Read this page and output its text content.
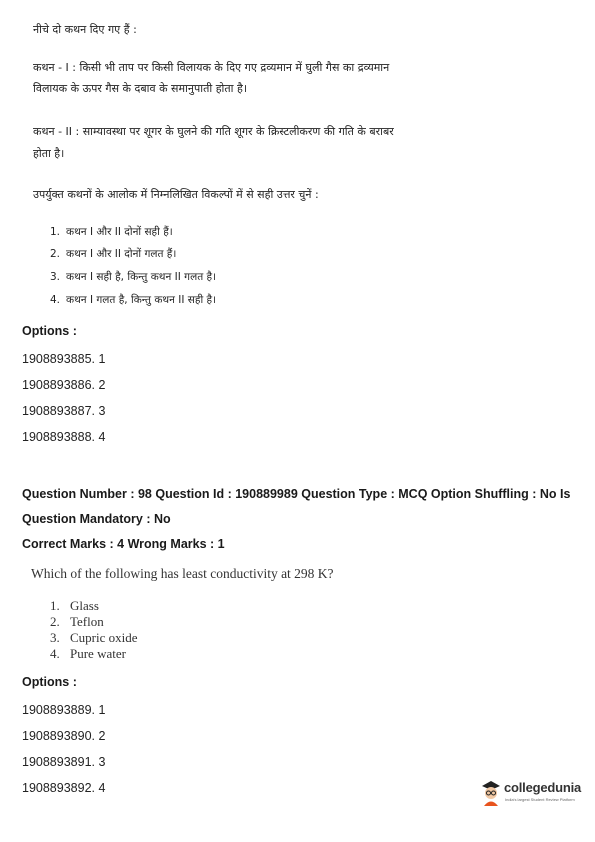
नीचे दो कथन दिए गए हैं :
कथन - I : किसी भी ताप पर किसी विलायक के दिए गए द्रव्यमान में घुली गैस का द्रव्यमान
विलायक के ऊपर गैस के दबाव के समानुपाती होता है।
कथन - II : साम्यावस्था पर शूगर के घुलने की गति शूगर के क्रिस्टलीकरण की गति के बराबर
होता है।
उपर्युक्त कथनों के आलोक में निम्नलिखित विकल्पों में से सही उत्तर चुनें :
1. कथन I और II दोनों सही हैं।
2. कथन I और II दोनों गलत हैं।
3. कथन I सही है, किन्तु कथन II गलत है।
4. कथन I गलत है, किन्तु कथन II सही है।
Options :
1908893885. 1
1908893886. 2
1908893887. 3
1908893888. 4
Question Number : 98 Question Id : 190889989 Question Type : MCQ Option Shuffling : No Is
Question Mandatory : No
Correct Marks : 4 Wrong Marks : 1
Which of the following has least conductivity at 298 K?
1. Glass
2. Teflon
3. Cupric oxide
4. Pure water
Options :
1908893889. 1
1908893890. 2
1908893891. 3
1908893892. 4	collegedunia
India's largest Student Review Platform
